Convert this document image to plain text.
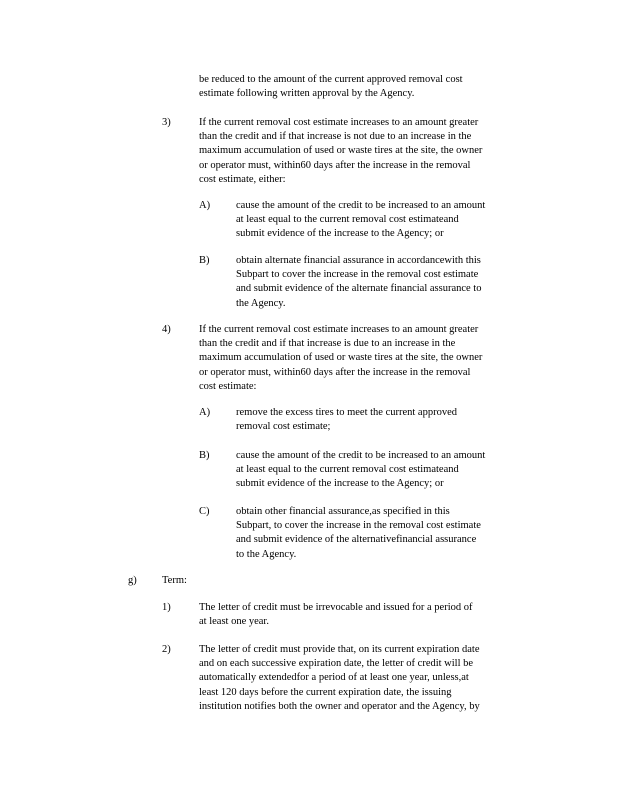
be reduced to the amount of the current approved removal cost
estimate following written approval by the Agency.
3)	If the current removal cost estimate increases to an amount greater
than the credit and if that increase is not due to an increase in the
maximum accumulation of used or waste tires at the site, the owner
or operator must, within60 days after the increase in the removal
cost estimate, either:
A) cause the amount of the credit to be increased to an amount
at least equal to the current removal cost estimateand
submit evidence of the increase to the Agency; or
B)	obtain alternate financial assurance in accordancewith this
Subpart to cover the increase in the removal cost estimate
and submit evidence of the alternate financial assurance to
the Agency.
4)	If the current removal cost estimate increases to an amount greater
than the credit and if that increase is due to an increase in the
maximum accumulation of used or waste tires at the site, the owner
or operator must, within60 days after the increase in the removal
cost estimate:
A) remove the excess tires to meet the current approved
removal cost estimate;
B)	cause the amount of the credit to be increased to an amount
at least equal to the current removal cost estimateand
submit evidence of the increase to the Agency; or
C)	obtain other financial assurance,as specified in this
Subpart, to cover the increase in the removal cost estimate
and submit evidence of the alternativefinancial assurance
to the Agency.
g) Term:
1)	The letter of credit must be irrevocable and issued for a period of
at least one year.
2)	The letter of credit must provide that, on its current expiration date
and on each successive expiration date, the letter of credit will be
automatically extendedfor a period of at least one year, unless,at
least 120 days before the current expiration date, the issuing
institution notifies both the owner and operator and the Agency, by
